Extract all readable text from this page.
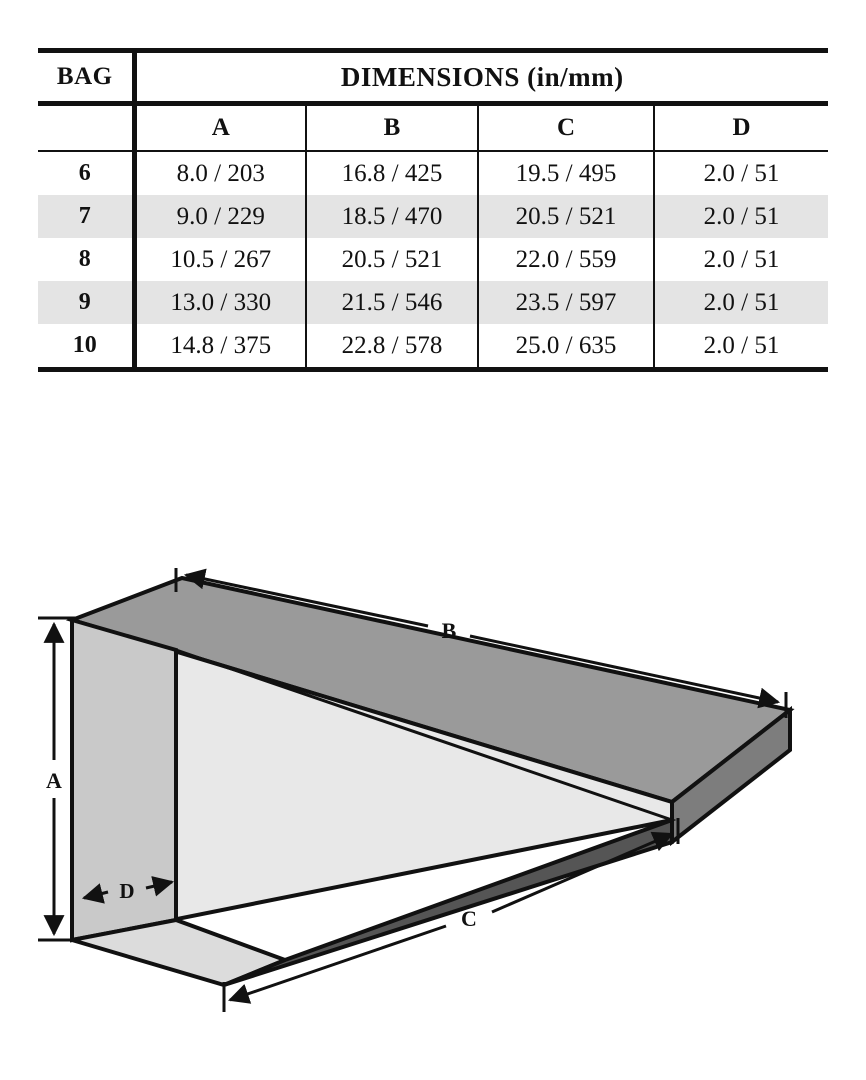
BAG	DIMENSIONS (in/mm)			
	A	B	C	D
6	8.0 / 203	16.8 / 425	19.5 / 495	2.0 / 51
7	9.0 / 229	18.5 / 470	20.5 / 521	2.0 / 51
8	10.5 / 267	20.5 / 521	22.0 / 559	2.0 / 51
9	13.0 / 330	21.5 / 546	23.5 / 597	2.0 / 51
10	14.8 / 375	22.8 / 578	25.0 / 635	2.0 / 51
B
A
D
C
